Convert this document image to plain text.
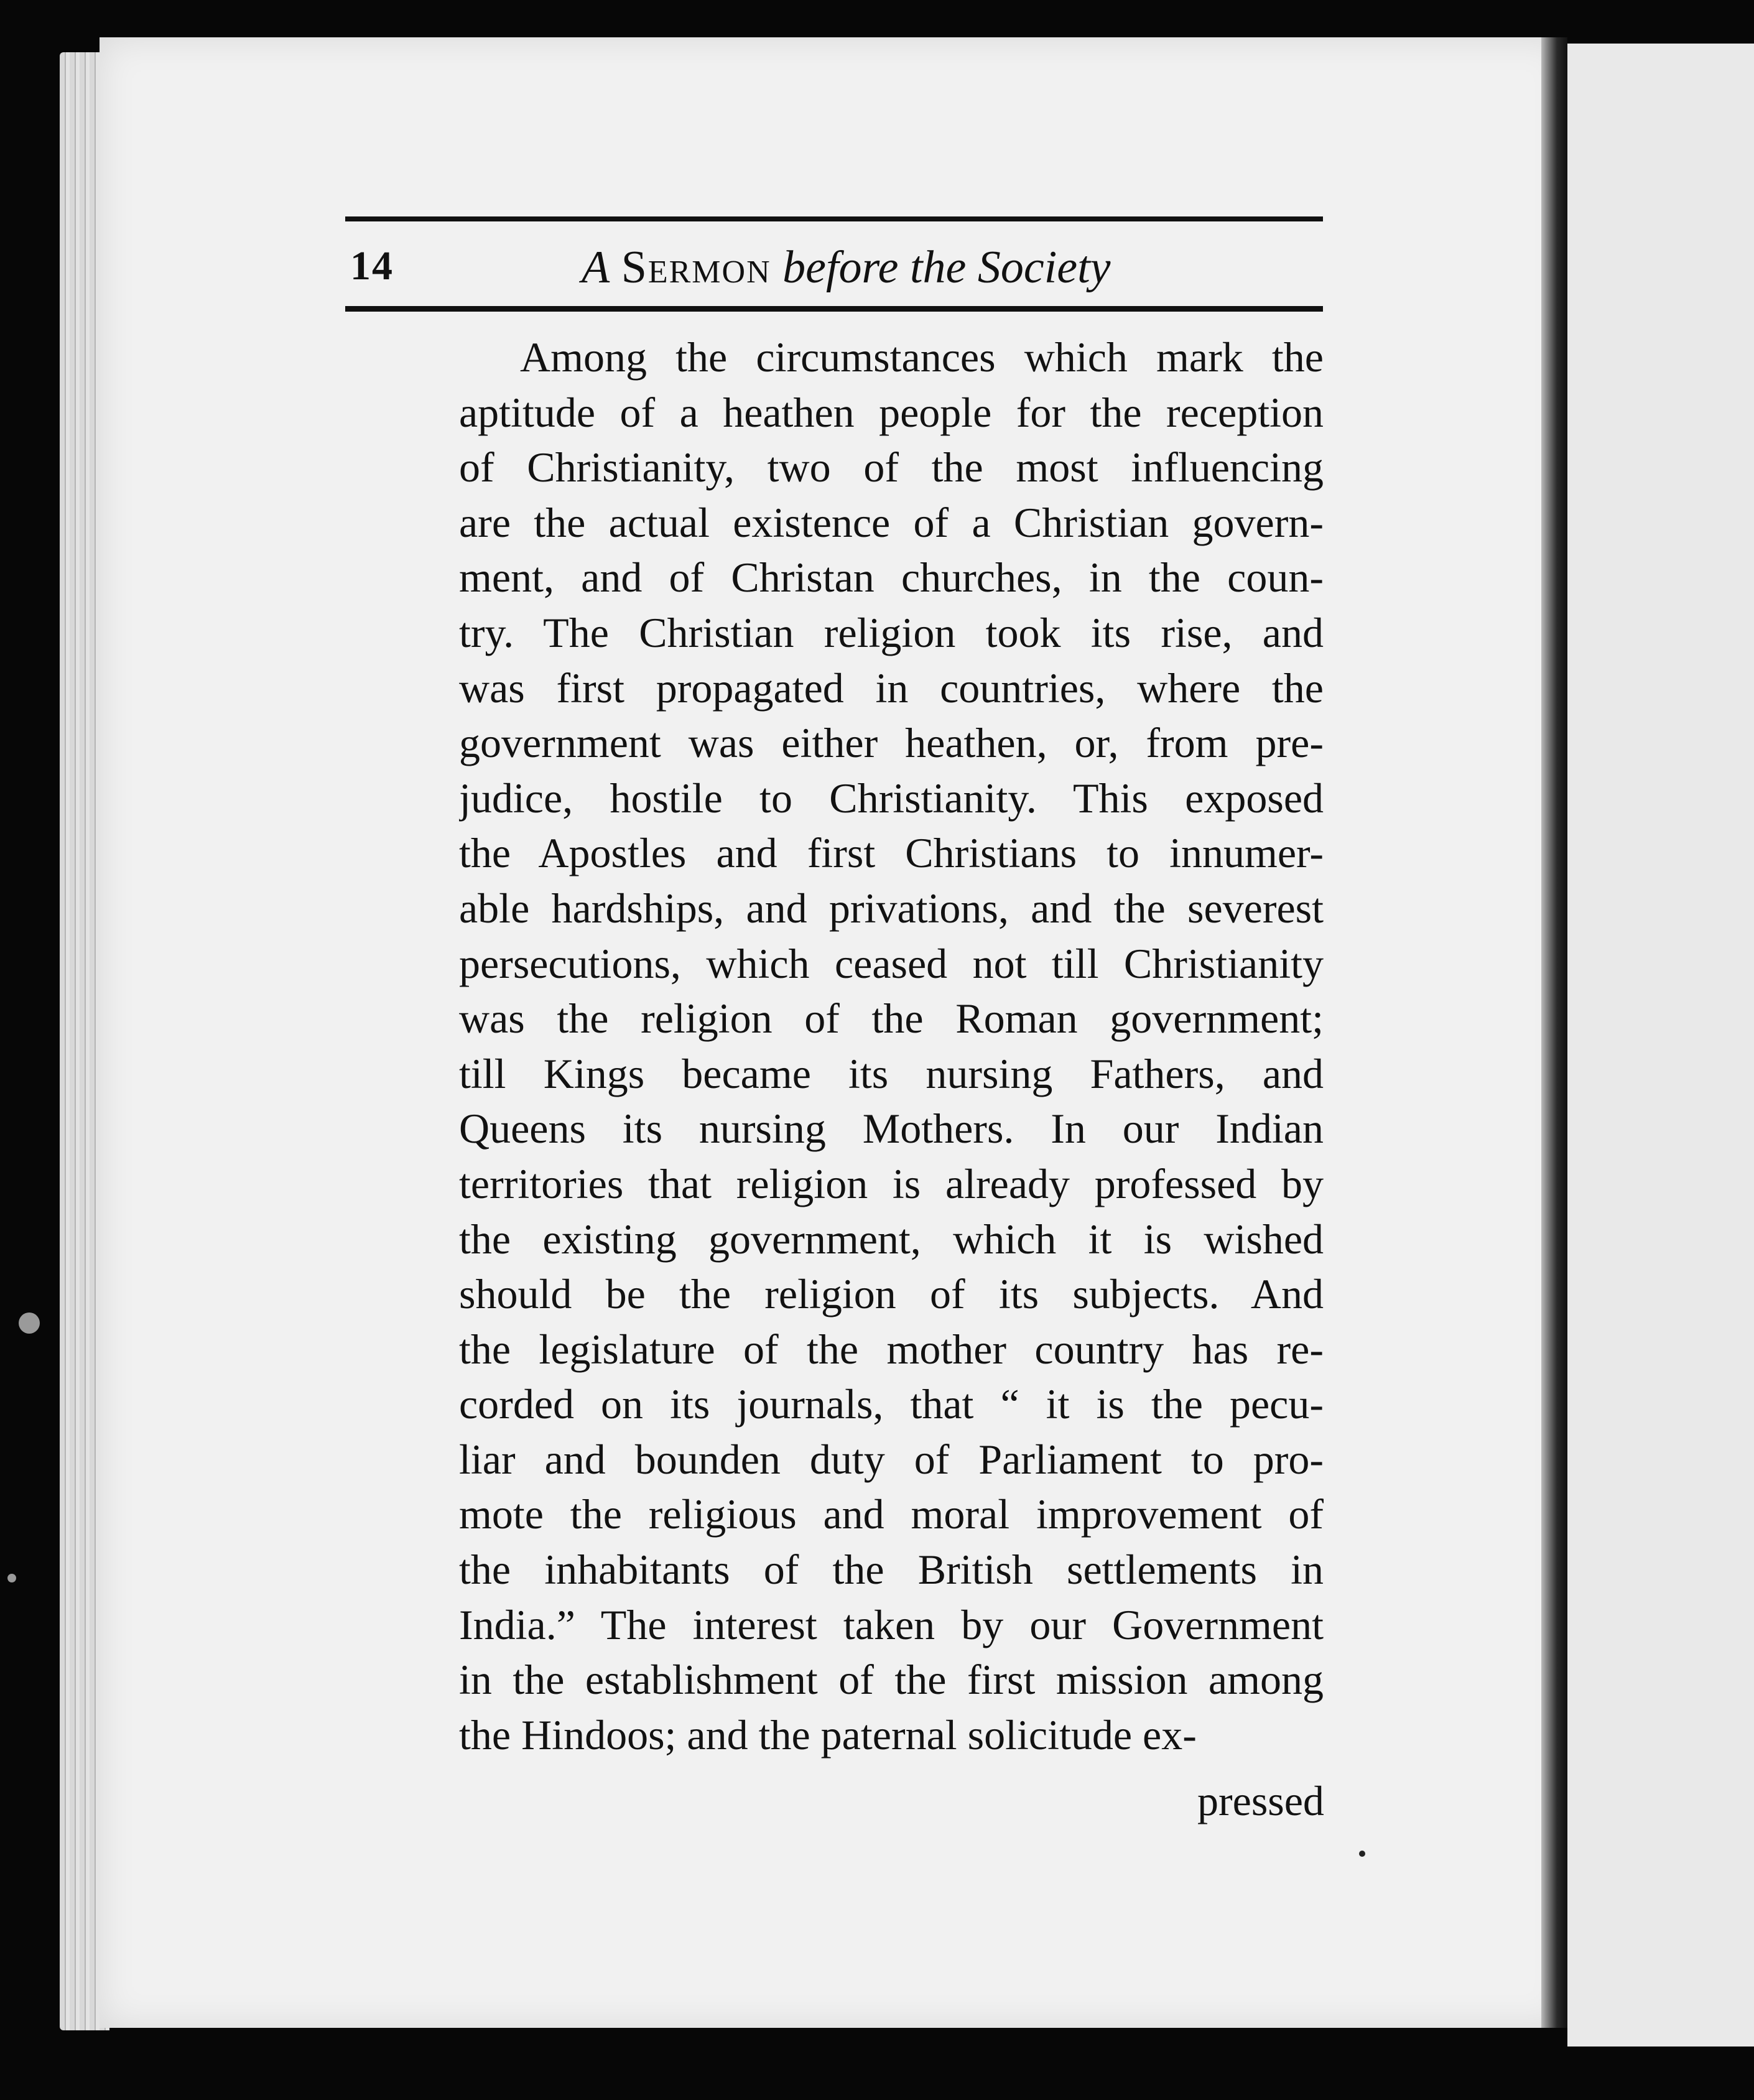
14	A Sermon before the Society
Among the circumstances which mark the
aptitude of a heathen people for the reception
of Christianity, two of the most influencing
are the actual existence of a Christian govern-
ment, and of Christan churches, in the coun-
try. The Christian religion took its rise, and
was first propagated in countries, where the
government was either heathen, or, from pre-
judice, hostile to Christianity. This exposed
the Apostles and first Christians to innumer-
able hardships, and privations, and the severest
persecutions, which ceased not till Christianity
was the religion of the Roman government;
till Kings became its nursing Fathers, and
Queens its nursing Mothers. In our Indian
territories that religion is already professed by
the existing government, which it is wished
should be the religion of its subjects. And
the legislature of the mother country has re-
corded on its journals, that “ it is the pecu-
liar and bounden duty of Parliament to pro-
mote the religious and moral improvement of
the inhabitants of the British settlements in
India.” The interest taken by our Government
in the establishment of the first mission among
the Hindoos; and the paternal solicitude ex-
pressed
